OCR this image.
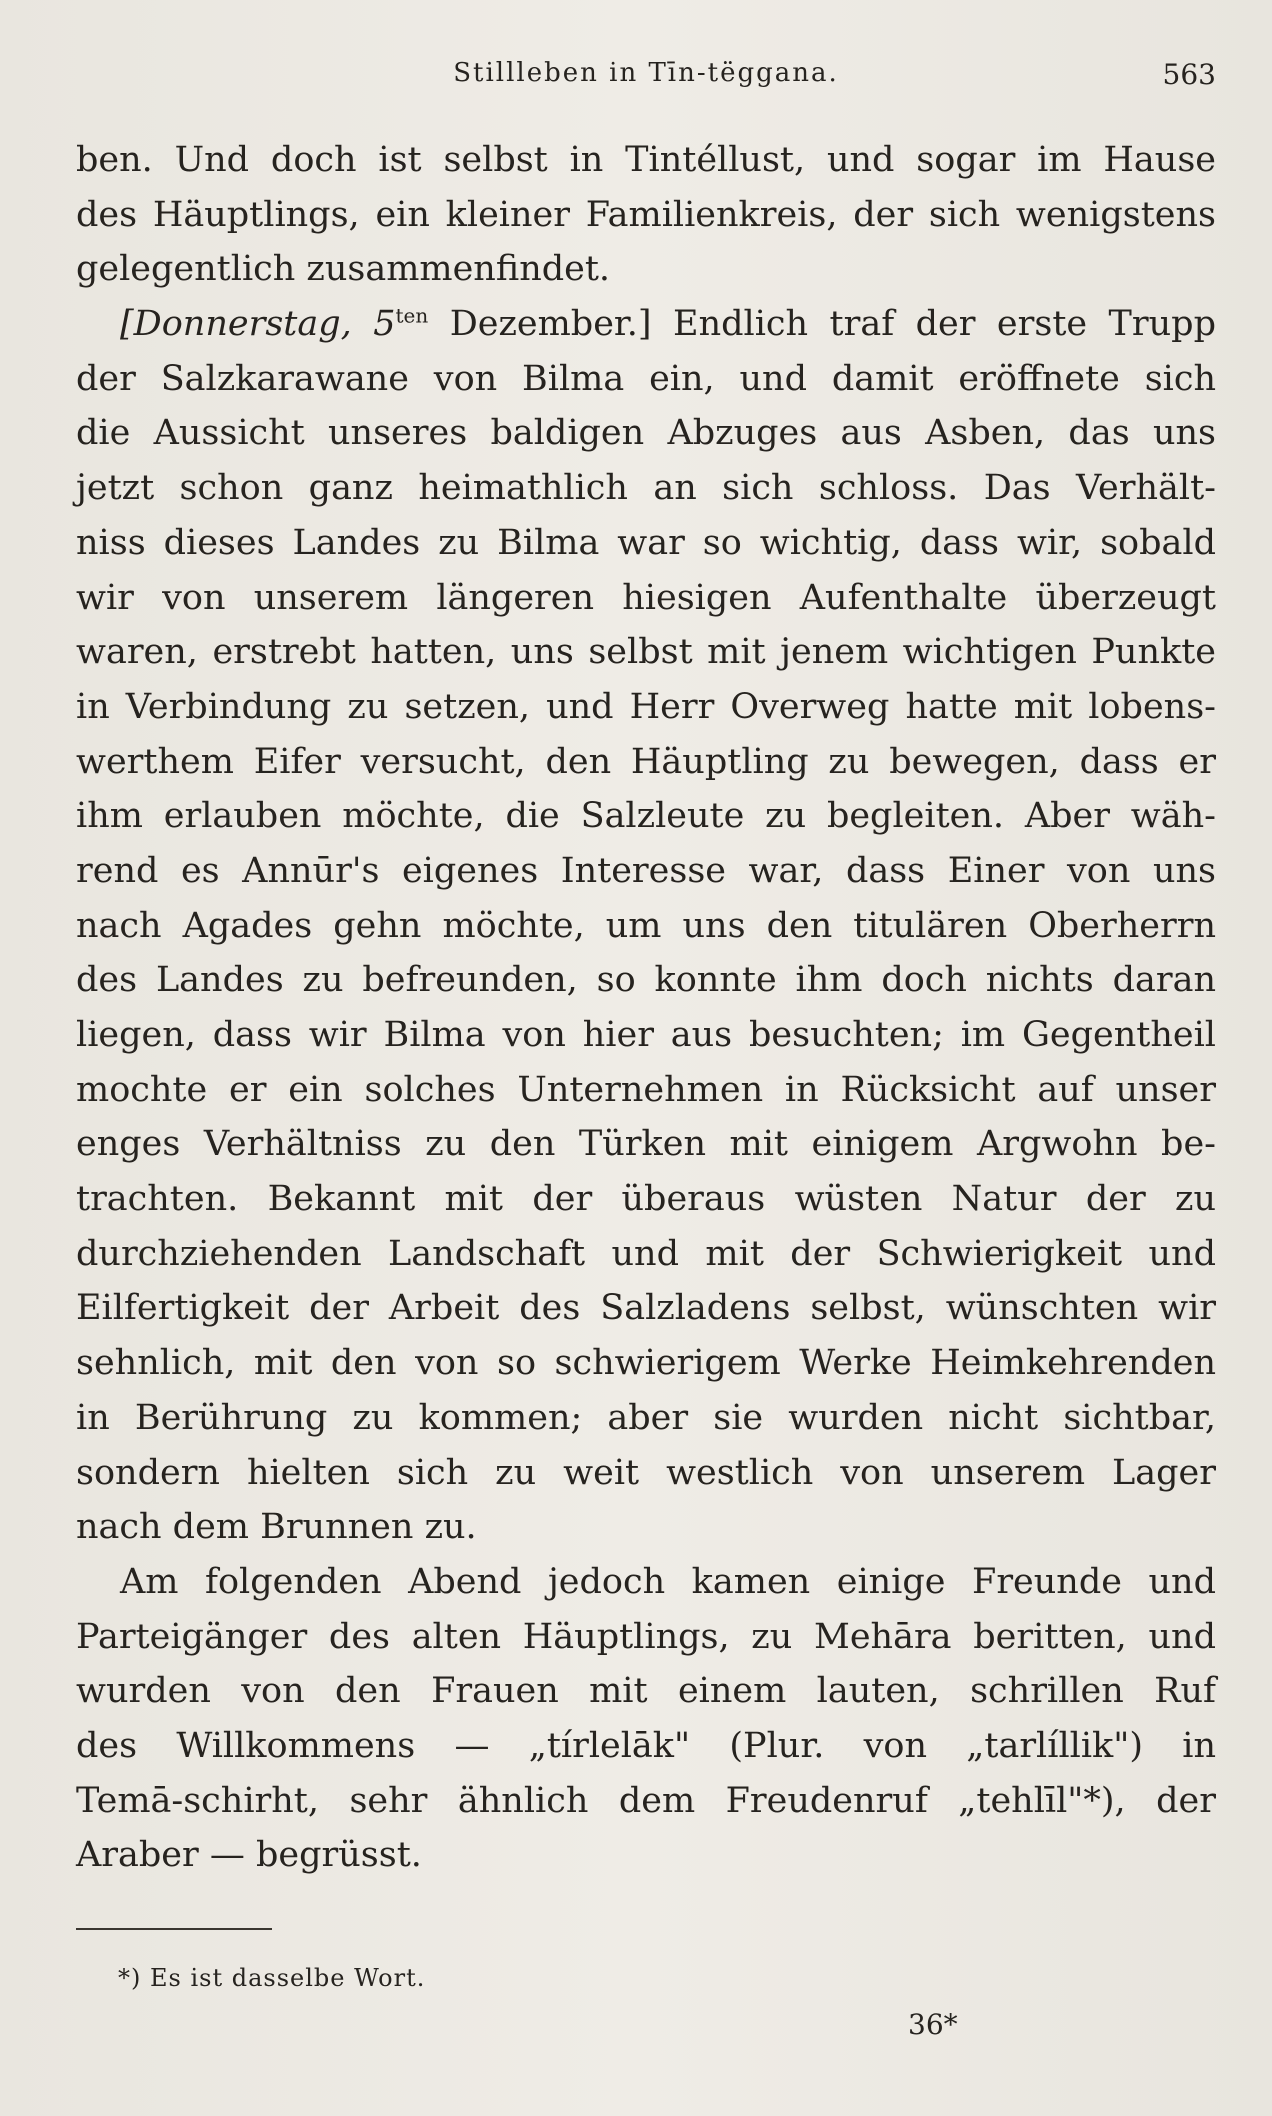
Stillleben in Tīn-tëggana.	563
ben. Und doch ist selbst in Tintéllust, und sogar im Hause
des Häuptlings, ein kleiner Familienkreis, der sich wenigstens
gelegentlich zusammenfindet.
[Donnerstag, $5^{ten}$ Dezember.] Endlich traf der erste Trupp
der Salzkarawane von Bilma ein, und damit eröffnete sich
die Aussicht unseres baldigen Abzuges aus Asben, das uns
jetzt schon ganz heimathlich an sich schloss. Das Verhält-
niss dieses Landes zu Bilma war so wichtig, dass wir, sobald
wir von unserem längeren hiesigen Aufenthalte überzeugt
waren, erstrebt hatten, uns selbst mit jenem wichtigen Punkte
in Verbindung zu setzen, und Herr Overweg hatte mit lobens-
werthem Eifer versucht, den Häuptling zu bewegen, dass er
ihm erlauben möchte, die Salzleute zu begleiten. Aber wäh-
rend es Annūr's eigenes Interesse war, dass Einer von uns
nach Agades gehn möchte, um uns den titulären Oberherrn
des Landes zu befreunden, so konnte ihm doch nichts daran
liegen, dass wir Bilma von hier aus besuchten; im Gegentheil
mochte er ein solches Unternehmen in Rücksicht auf unser
enges Verhältniss zu den Türken mit einigem Argwohn be-
trachten. Bekannt mit der überaus wüsten Natur der zu
durchziehenden Landschaft und mit der Schwierigkeit und
Eilfertigkeit der Arbeit des Salzladens selbst, wünschten wir
sehnlich, mit den von so schwierigem Werke Heimkehrenden
in Berührung zu kommen; aber sie wurden nicht sichtbar,
sondern hielten sich zu weit westlich von unserem Lager
nach dem Brunnen zu.
Am folgenden Abend jedoch kamen einige Freunde und
Parteigänger des alten Häuptlings, zu Mehāra beritten, und
wurden von den Frauen mit einem lauten, schrillen Ruf
des Willkommens — „tírlelāk" (Plur. von „tarlíllik") in
Temā-schirht, sehr ähnlich dem Freudenruf „tehlīl"*), der
Araber — begrüsst.
*) Es ist dasselbe Wort.
36*
